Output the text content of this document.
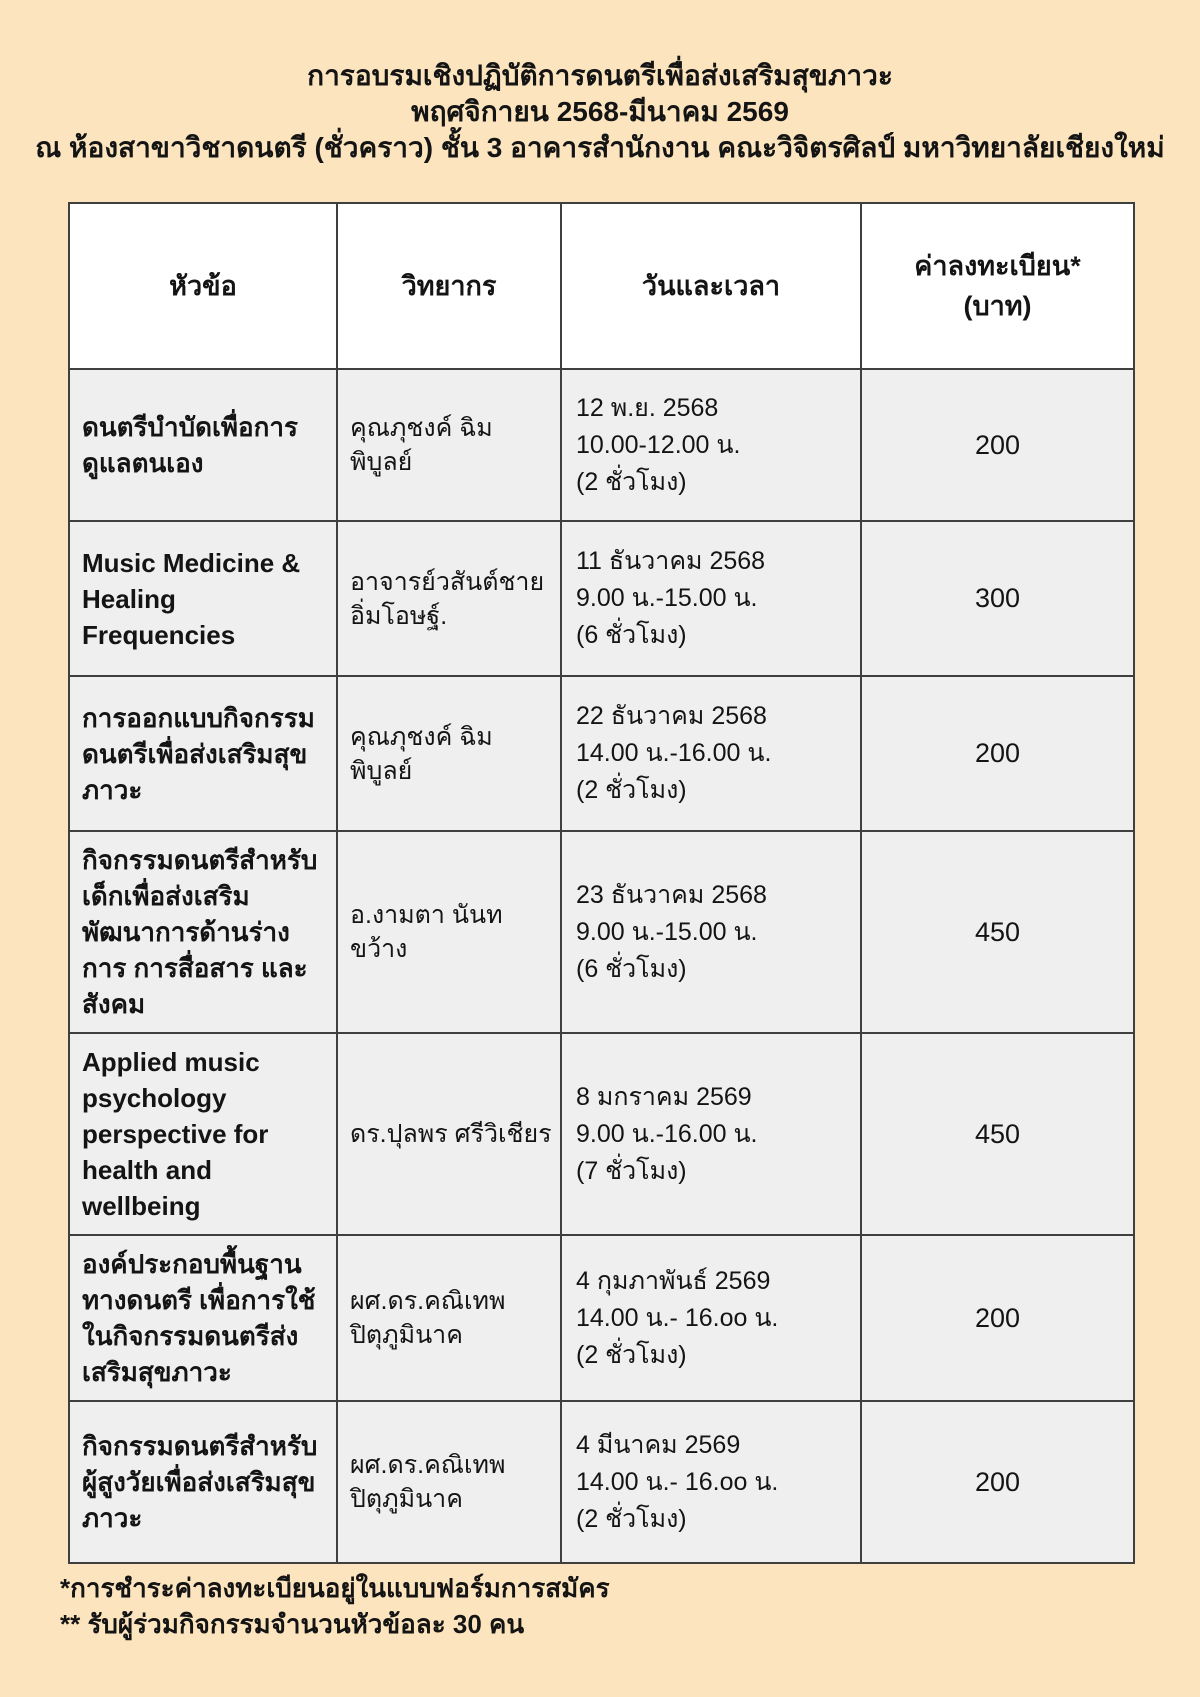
การอบรมเชิงปฏิบัติการดนตรีเพื่อส่งเสริมสุขภาวะ
พฤศจิกายน 2568-มีนาคม 2569
ณ ห้องสาขาวิชาดนตรี (ชั่วคราว) ชั้น 3 อาคารสำนักงาน คณะวิจิตรศิลป์ มหาวิทยาลัยเชียงใหม่
หัวข้อ	วิทยากร	วันและเวลา	ค่าลงทะเบียน*
(บาท)

ดนตรีบำบัดเพื่อการดูแลตนเอง	คุณภุชงค์ ฉิมพิบูลย์	12 พ.ย. 2568
10.00-12.00 น.
(2 ชั่วโมง)	200
Music Medicine & Healing Frequencies	อาจารย์วสันต์ชาย อิ่มโอษฐ์.	11 ธันวาคม 2568
9.00 น.-15.00 น.
(6 ชั่วโมง)	300
การออกแบบกิจกรรมดนตรีเพื่อส่งเสริมสุขภาวะ	คุณภุชงค์ ฉิมพิบูลย์	22 ธันวาคม 2568
14.00 น.-16.00 น.
(2 ชั่วโมง)	200
กิจกรรมดนตรีสำหรับเด็กเพื่อส่งเสริมพัฒนาการด้านร่างการ การสื่อสาร และสังคม	อ.งามตา นันทขว้าง	23 ธันวาคม 2568
9.00 น.-15.00 น.
(6 ชั่วโมง)	450
Applied music psychology perspective for health and wellbeing	ดร.ปุลพร ศรีวิเชียร	8 มกราคม 2569
9.00 น.-16.00 น.
(7 ชั่วโมง)	450
องค์ประกอบพื้นฐานทางดนตรี เพื่อการใช้ในกิจกรรมดนตรีส่งเสริมสุขภาวะ	ผศ.ดร.คณิเทพ ปิตุภูมินาค	4 กุมภาพันธ์ 2569
14.00 น.- 16.oo น.
(2 ชั่วโมง)	200
กิจกรรมดนตรีสำหรับผู้สูงวัยเพื่อส่งเสริมสุขภาวะ	ผศ.ดร.คณิเทพ ปิตุภูมินาค	4 มีนาคม 2569
14.00 น.- 16.oo น.
(2 ชั่วโมง)	200
*การชำระค่าลงทะเบียนอยู่ในแบบฟอร์มการสมัคร
** รับผู้ร่วมกิจกรรมจำนวนหัวข้อละ 30 คน
